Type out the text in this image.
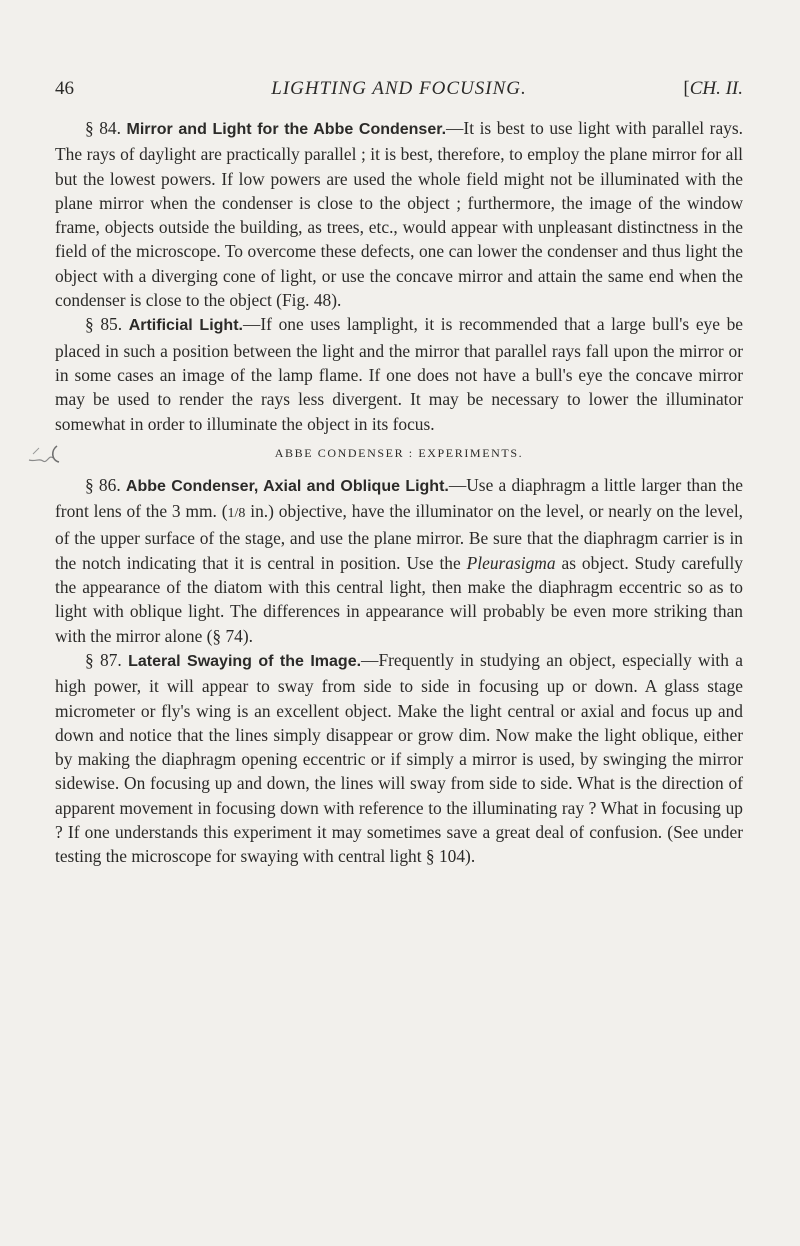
46	LIGHTING AND FOCUSING.	[CH. II.

§ 84. Mirror and Light for the Abbe Condenser.—It is best to use light with parallel rays. The rays of daylight are practically parallel ; it is best, therefore, to employ the plane mirror for all but the lowest powers. If low powers are used the whole field might not be illuminated with the plane mirror when the condenser is close to the object ; furthermore, the image of the window frame, objects outside the building, as trees, etc., would appear with unpleasant distinctness in the field of the microscope. To overcome these defects, one can lower the condenser and thus light the object with a diverging cone of light, or use the concave mirror and attain the same end when the condenser is close to the object (Fig. 48).

§ 85. Artificial Light.—If one uses lamplight, it is recommended that a large bull's eye be placed in such a position between the light and the mirror that parallel rays fall upon the mirror or in some cases an image of the lamp flame. If one does not have a bull's eye the concave mirror may be used to render the rays less divergent. It may be necessary to lower the illuminator somewhat in order to illuminate the object in its focus.

ABBE CONDENSER : EXPERIMENTS.

§ 86. Abbe Condenser, Axial and Oblique Light.—Use a diaphragm a little larger than the front lens of the 3 mm. (1/8 in.) objective, have the illuminator on the level, or nearly on the level, of the upper surface of the stage, and use the plane mirror. Be sure that the diaphragm carrier is in the notch indicating that it is central in position. Use the Pleurasigma as object. Study carefully the appearance of the diatom with this central light, then make the diaphragm eccentric so as to light with oblique light. The differences in appearance will probably be even more striking than with the mirror alone (§ 74).

§ 87. Lateral Swaying of the Image.—Frequently in studying an object, especially with a high power, it will appear to sway from side to side in focusing up or down. A glass stage micrometer or fly's wing is an excellent object. Make the light central or axial and focus up and down and notice that the lines simply disappear or grow dim. Now make the light oblique, either by making the diaphragm opening eccentric or if simply a mirror is used, by swinging the mirror sidewise. On focusing up and down, the lines will sway from side to side. What is the direction of apparent movement in focusing down with reference to the illuminating ray ? What in focusing up ? If one understands this experiment it may sometimes save a great deal of confusion. (See under testing the microscope for swaying with central light § 104).
